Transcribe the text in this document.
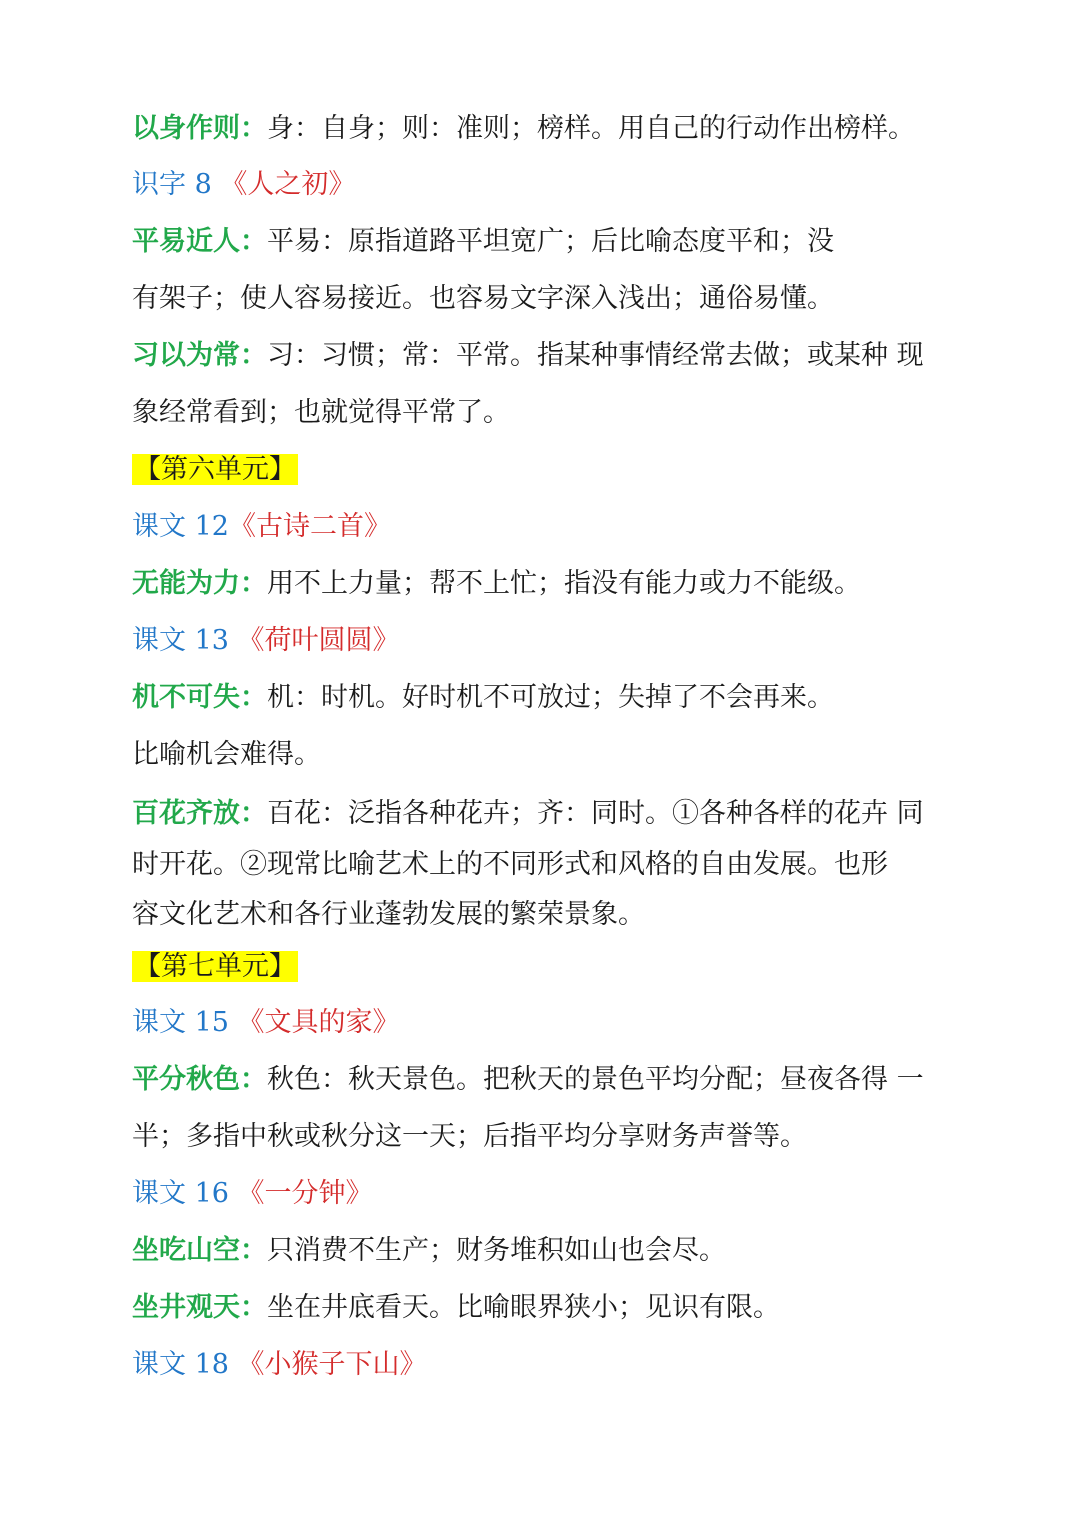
以身作则：身：自身；则：准则；榜样。用自己的行动作出榜样。
识字 8 《人之初》
平易近人：平易：原指道路平坦宽广；后比喻态度平和；没
有架子；使人容易接近。也容易文字深入浅出；通俗易懂。
习以为常：习：习惯；常：平常。指某种事情经常去做；或某种 现
象经常看到；也就觉得平常了。
【第六单元】
课文 12《古诗二首》
无能为力：用不上力量；帮不上忙；指没有能力或力不能级。
课文 13 《荷叶圆圆》
机不可失：机：时机。好时机不可放过；失掉了不会再来。
比喻机会难得。
百花齐放：百花：泛指各种花卉；齐：同时。①各种各样的花卉 同
时开花。②现常比喻艺术上的不同形式和风格的自由发展。也形
容文化艺术和各行业蓬勃发展的繁荣景象。
【第七单元】
课文 15 《文具的家》
平分秋色：秋色：秋天景色。把秋天的景色平均分配；昼夜各得 一
半；多指中秋或秋分这一天；后指平均分享财务声誉等。
课文 16 《一分钟》
坐吃山空：只消费不生产；财务堆积如山也会尽。
坐井观天：坐在井底看天。比喻眼界狭小；见识有限。
课文 18 《小猴子下山》
